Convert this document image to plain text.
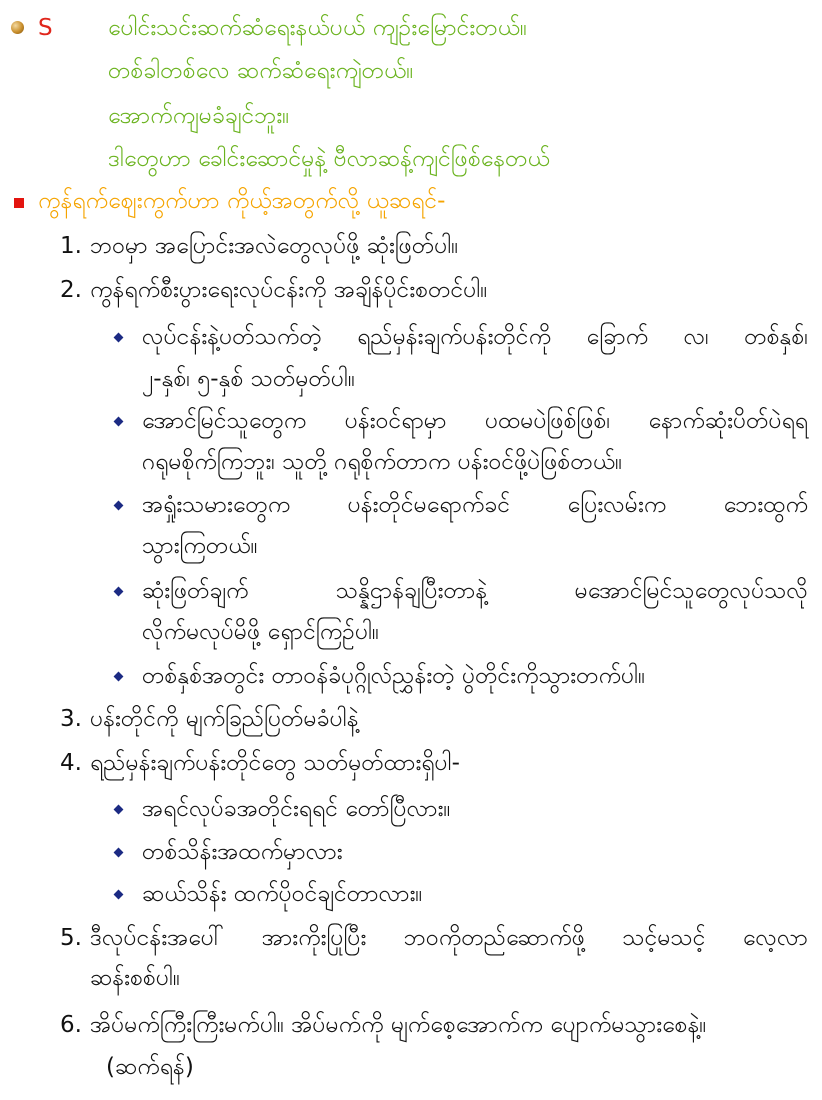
S ပေါင်းသင်းဆက်ဆံရေးနယ်ပယ် ကျဥ်းမြောင်းတယ်။
တစ်ခါတစ်လေ ဆက်ဆံရေးကျဲတယ်။
အောက်ကျမခံချင်ဘူး။
ဒါတွေဟာ ခေါင်းဆောင်မှုနဲ့ ဗီလာဆန့်ကျင်ဖြစ်နေတယ်
ကွန်ရက်ဈေးကွက်ဟာ ကိုယ့်အတွက်လို့ ယူဆရင်-
1. ဘဝမှာ အပြောင်းအလဲတွေလုပ်ဖို့ ဆုံးဖြတ်ပါ။
2. ကွန်ရက်စီးပွားရေးလုပ်ငန်းကို အချိန်ပိုင်းစတင်ပါ။
လုပ်ငန်းနဲ့ပတ်သက်တဲ့ ရည်မှန်းချက်ပန်းတိုင်ကို ခြောက် လ၊ တစ်နှစ်၊
၂-နှစ်၊ ၅-နှစ် သတ်မှတ်ပါ။
အောင်မြင်သူတွေက ပန်းဝင်ရာမှာ ပထမပဲဖြစ်ဖြစ်၊ နောက်ဆုံးပိတ်ပဲရရ
ဂရုမစိုက်ကြဘူး၊ သူတို့ ဂရုစိုက်တာက ပန်းဝင်ဖို့ပဲဖြစ်တယ်။
အရှုံးသမားတွေက ပန်းတိုင်မရောက်ခင် ပြေးလမ်းက ဘေးထွက်
သွားကြတယ်။
ဆုံးဖြတ်ချက် သန္နိဌာန်ချပြီးတာနဲ့ မအောင်မြင်သူတွေလုပ်သလို
လိုက်မလုပ်မိဖို့ ရှောင်ကြဉ်ပါ။
တစ်နှစ်အတွင်း တာဝန်ခံပုဂ္ဂိုလ်ညွှန်းတဲ့ ပွဲတိုင်းကိုသွားတက်ပါ။
3. ပန်းတိုင်ကို မျက်ခြည်ပြတ်မခံပါနဲ့
4. ရည်မှန်းချက်ပန်းတိုင်တွေ သတ်မှတ်ထားရှိပါ-
အရင်လုပ်ခအတိုင်းရရင် တော်ပြီလား။
တစ်သိန်းအထက်မှာလား
ဆယ်သိန်း ထက်ပိုဝင်ချင်တာလား။
5. ဒီလုပ်ငန်းအပေါ် အားကိုးပြုပြီး ဘဝကိုတည်ဆောက်ဖို့ သင့်မသင့် လေ့လာ
ဆန်းစစ်ပါ။
6. အိပ်မက်ကြီးကြီးမက်ပါ။ အိပ်မက်ကို မျက်စေ့အောက်က ပျောက်မသွားစေနဲ့။
(ဆက်ရန်)
